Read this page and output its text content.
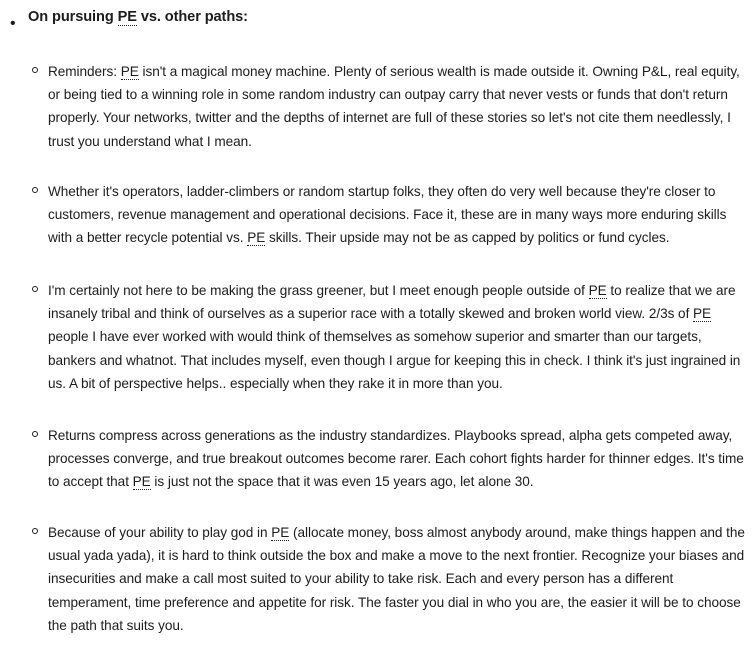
• On pursuing PE vs. other paths:
Reminders: PE isn't a magical money machine. Plenty of serious wealth is made outside it. Owning P&L, real equity, or being tied to a winning role in some random industry can outpay carry that never vests or funds that don't return properly. Your networks, twitter and the depths of internet are full of these stories so let's not cite them needlessly, I trust you understand what I mean.
Whether it's operators, ladder-climbers or random startup folks, they often do very well because they're closer to customers, revenue management and operational decisions. Face it, these are in many ways more enduring skills with a better recycle potential vs. PE skills. Their upside may not be as capped by politics or fund cycles.
I'm certainly not here to be making the grass greener, but I meet enough people outside of PE to realize that we are insanely tribal and think of ourselves as a superior race with a totally skewed and broken world view. 2/3s of PE people I have ever worked with would think of themselves as somehow superior and smarter than our targets, bankers and whatnot. That includes myself, even though I argue for keeping this in check. I think it's just ingrained in us. A bit of perspective helps.. especially when they rake it in more than you.
Returns compress across generations as the industry standardizes. Playbooks spread, alpha gets competed away, processes converge, and true breakout outcomes become rarer. Each cohort fights harder for thinner edges. It's time to accept that PE is just not the space that it was even 15 years ago, let alone 30.
Because of your ability to play god in PE (allocate money, boss almost anybody around, make things happen and the usual yada yada), it is hard to think outside the box and make a move to the next frontier. Recognize your biases and insecurities and make a call most suited to your ability to take risk. Each and every person has a different temperament, time preference and appetite for risk. The faster you dial in who you are, the easier it will be to choose the path that suits you.
